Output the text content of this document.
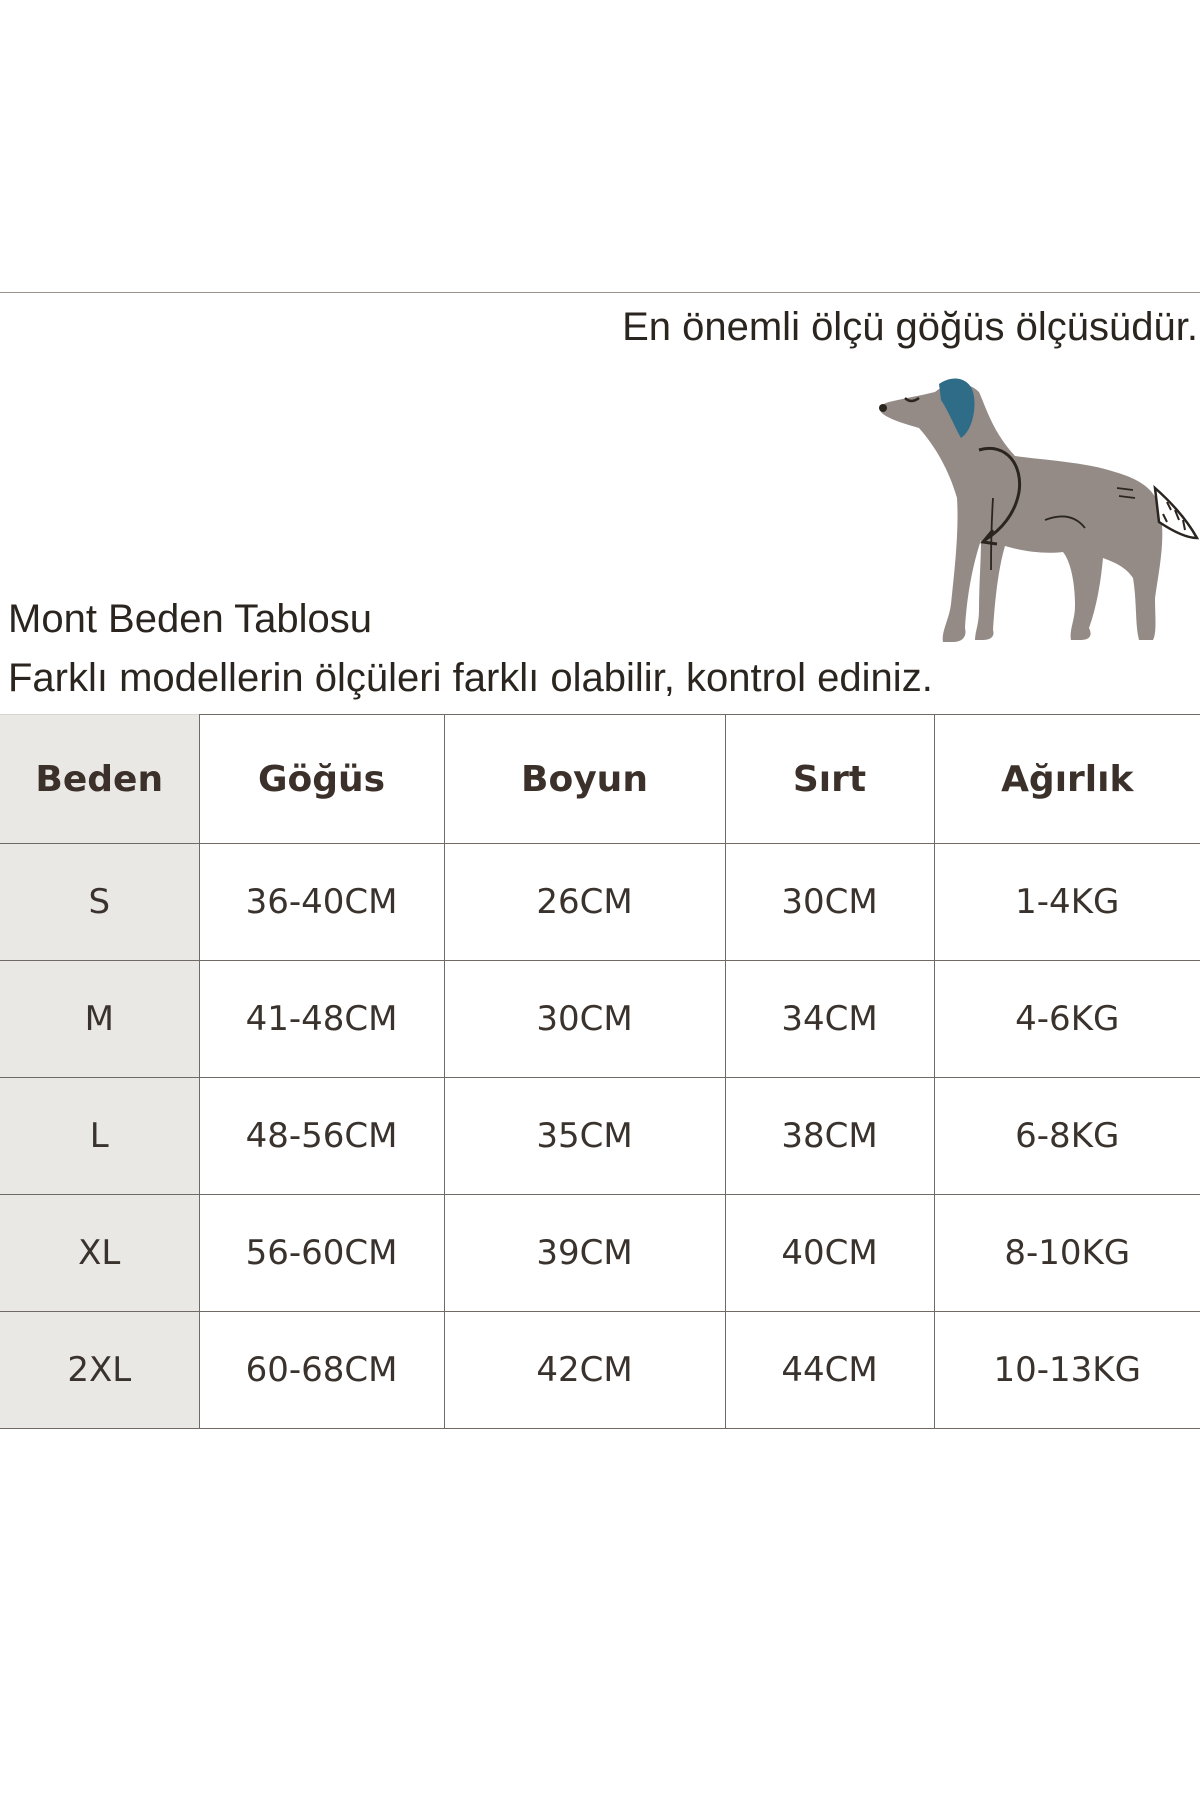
En önemli ölçü göğüs ölçüsüdür.
Mont Beden Tablosu
Farklı modellerin ölçüleri farklı olabilir, kontrol ediniz.
Beden	Göğüs	Boyun	Sırt	Ağırlık
S	36-40CM	26CM	30CM	1-4KG
M	41-48CM	30CM	34CM	4-6KG
L	48-56CM	35CM	38CM	6-8KG
XL	56-60CM	39CM	40CM	8-10KG
2XL	60-68CM	42CM	44CM	10-13KG
